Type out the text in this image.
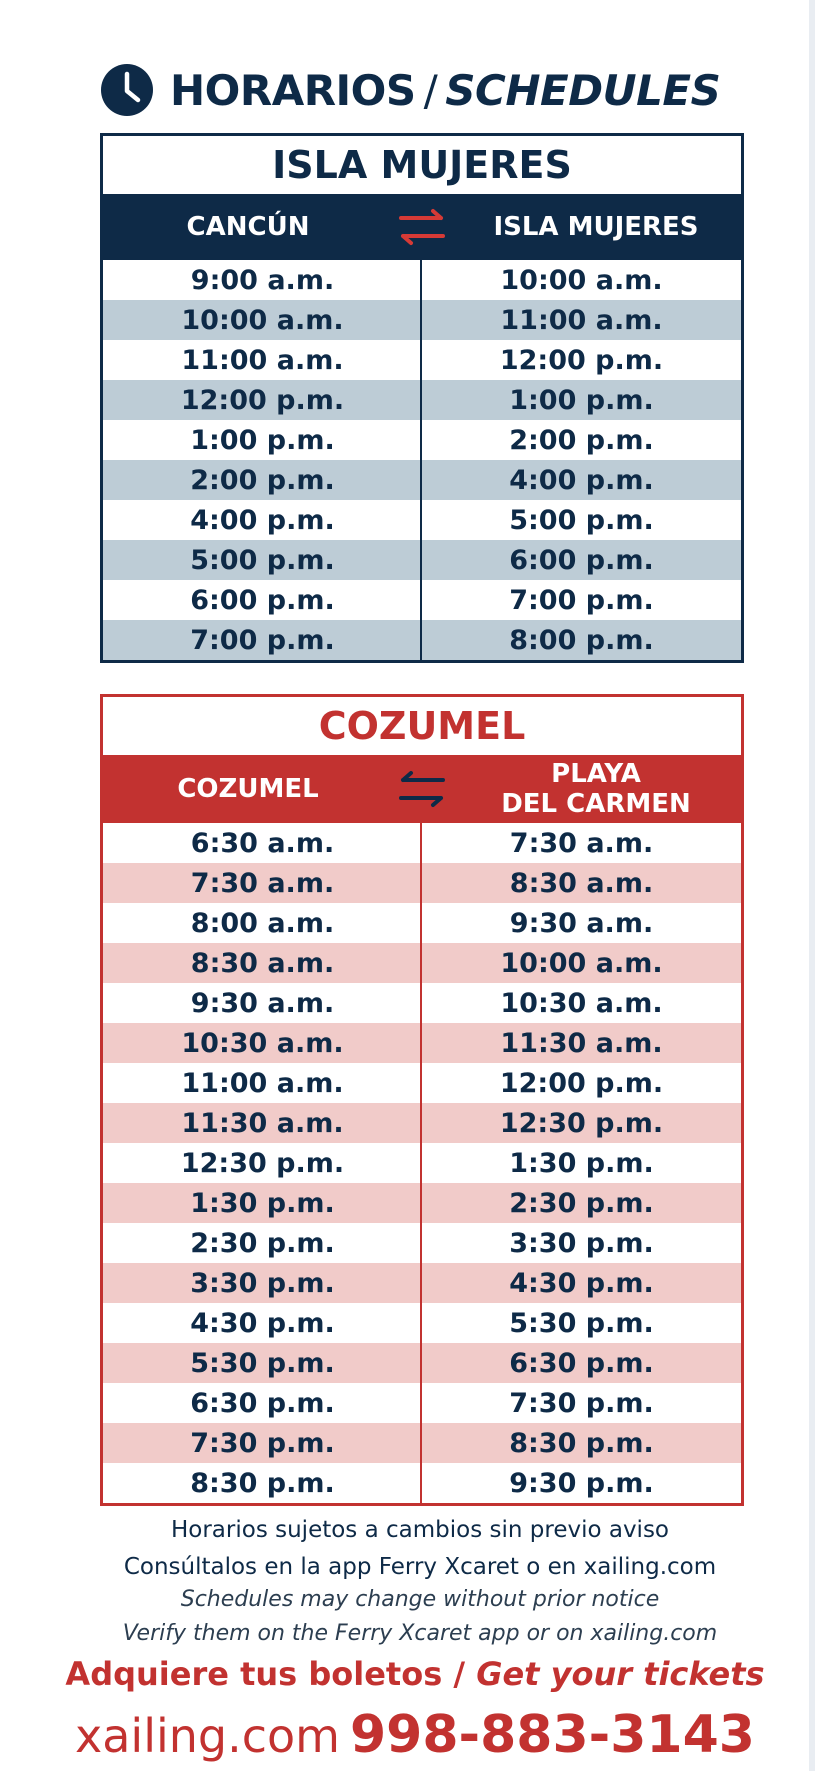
HORARIOS / SCHEDULES
ISLA MUJERES
CANCÚN	ISLA MUJERES
9:00 a.m.	10:00 a.m.
10:00 a.m.	11:00 a.m.
11:00 a.m.	12:00 p.m.
12:00 p.m.	1:00 p.m.
1:00 p.m.	2:00 p.m.
2:00 p.m.	4:00 p.m.
4:00 p.m.	5:00 p.m.
5:00 p.m.	6:00 p.m.
6:00 p.m.	7:00 p.m.
7:00 p.m.	8:00 p.m.
COZUMEL
COZUMEL	PLAYA
DEL CARMEN
6:30 a.m.	7:30 a.m.
7:30 a.m.	8:30 a.m.
8:00 a.m.	9:30 a.m.
8:30 a.m.	10:00 a.m.
9:30 a.m.	10:30 a.m.
10:30 a.m.	11:30 a.m.
11:00 a.m.	12:00 p.m.
11:30 a.m.	12:30 p.m.
12:30 p.m.	1:30 p.m.
1:30 p.m.	2:30 p.m.
2:30 p.m.	3:30 p.m.
3:30 p.m.	4:30 p.m.
4:30 p.m.	5:30 p.m.
5:30 p.m.	6:30 p.m.
6:30 p.m.	7:30 p.m.
7:30 p.m.	8:30 p.m.
8:30 p.m.	9:30 p.m.
Horarios sujetos a cambios sin previo aviso
Consúltalos en la app Ferry Xcaret o en xailing.com
Schedules may change without prior notice
Verify them on the Ferry Xcaret app or on xailing.com
Adquiere tus boletos / Get your tickets
xailing.com 998-883-3143
